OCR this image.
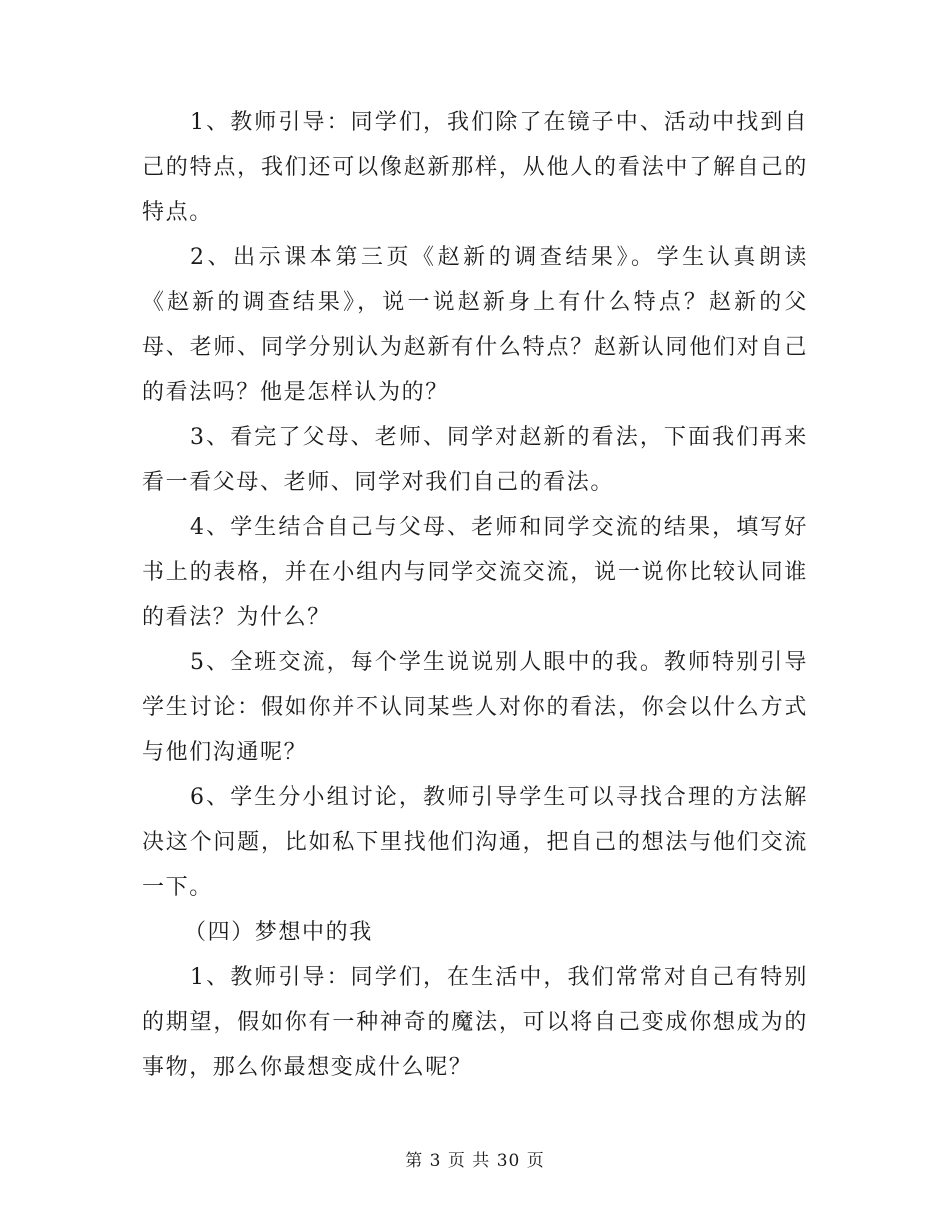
1、教师引导：同学们，我们除了在镜子中、活动中找到自己的特点，我们还可以像赵新那样，从他人的看法中了解自己的特点。

2、出示课本第三页《赵新的调查结果》。学生认真朗读《赵新的调查结果》，说一说赵新身上有什么特点？赵新的父母、老师、同学分别认为赵新有什么特点？赵新认同他们对自己的看法吗？他是怎样认为的？

3、看完了父母、老师、同学对赵新的看法，下面我们再来看一看父母、老师、同学对我们自己的看法。

4、学生结合自己与父母、老师和同学交流的结果，填写好书上的表格，并在小组内与同学交流交流，说一说你比较认同谁的看法？为什么？

5、全班交流，每个学生说说别人眼中的我。教师特别引导学生讨论：假如你并不认同某些人对你的看法，你会以什么方式与他们沟通呢？

6、学生分小组讨论，教师引导学生可以寻找合理的方法解决这个问题，比如私下里找他们沟通，把自己的想法与他们交流一下。

（四）梦想中的我

1、教师引导：同学们，在生活中，我们常常对自己有特别的期望，假如你有一种神奇的魔法，可以将自己变成你想成为的事物，那么你最想变成什么呢？

第 3 页 共 30 页
